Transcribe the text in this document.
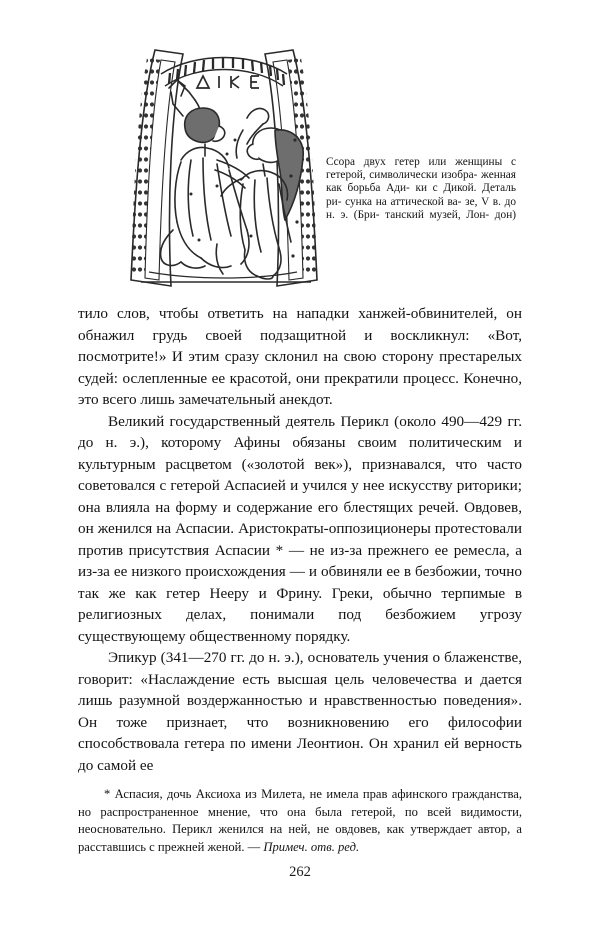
Ссора двух гетер или женщины с гетерой, символически изобра- женная как борьба Ади- ки с Дикой. Деталь ри- сунка на аттической ва- зе, V в. до н. э. (Бри- танский музей, Лон- дон)

тило слов, чтобы ответить на нападки ханжей-обвинителей, он обнажил грудь своей подзащитной и воскликнул: «Вот, посмотрите!» И этим сразу склонил на свою сторону престарелых судей: ослепленные ее красотой, они прекратили процесс. Конечно, это всего лишь замечательный анекдот.

Великий государственный деятель Перикл (около 490—429 гг. до н. э.), которому Афины обязаны своим политическим и культурным расцветом («золотой век»), признавался, что часто советовался с гетерой Аспасией и учился у нее искусству риторики; она влияла на форму и содержание его блестящих речей. Овдовев, он женился на Аспасии. Аристократы-оппозиционеры протестовали против присутствия Аспасии * — не из-за прежнего ее ремесла, а из-за ее низкого происхождения — и обвиняли ее в безбожии, точно так же как гетер Нееру и Фрину. Греки, обычно терпимые в религиозных делах, понимали под безбожием угрозу существующему общественному порядку.

Эпикур (341—270 гг. до н. э.), основатель учения о блаженстве, говорит: «Наслаждение есть высшая цель человечества и дается лишь разумной воздержанностью и нравственностью поведения». Он тоже признает, что возникновению его философии способствовала гетера по имени Леонтион. Он хранил ей верность до самой ее

* Аспасия, дочь Аксиоха из Милета, не имела прав афинского гражданства, но распространенное мнение, что она была гетерой, по всей видимости, неосновательно. Перикл женился на ней, не овдовев, как утверждает автор, а расставшись с прежней женой. — Примеч. отв. ред.
262
